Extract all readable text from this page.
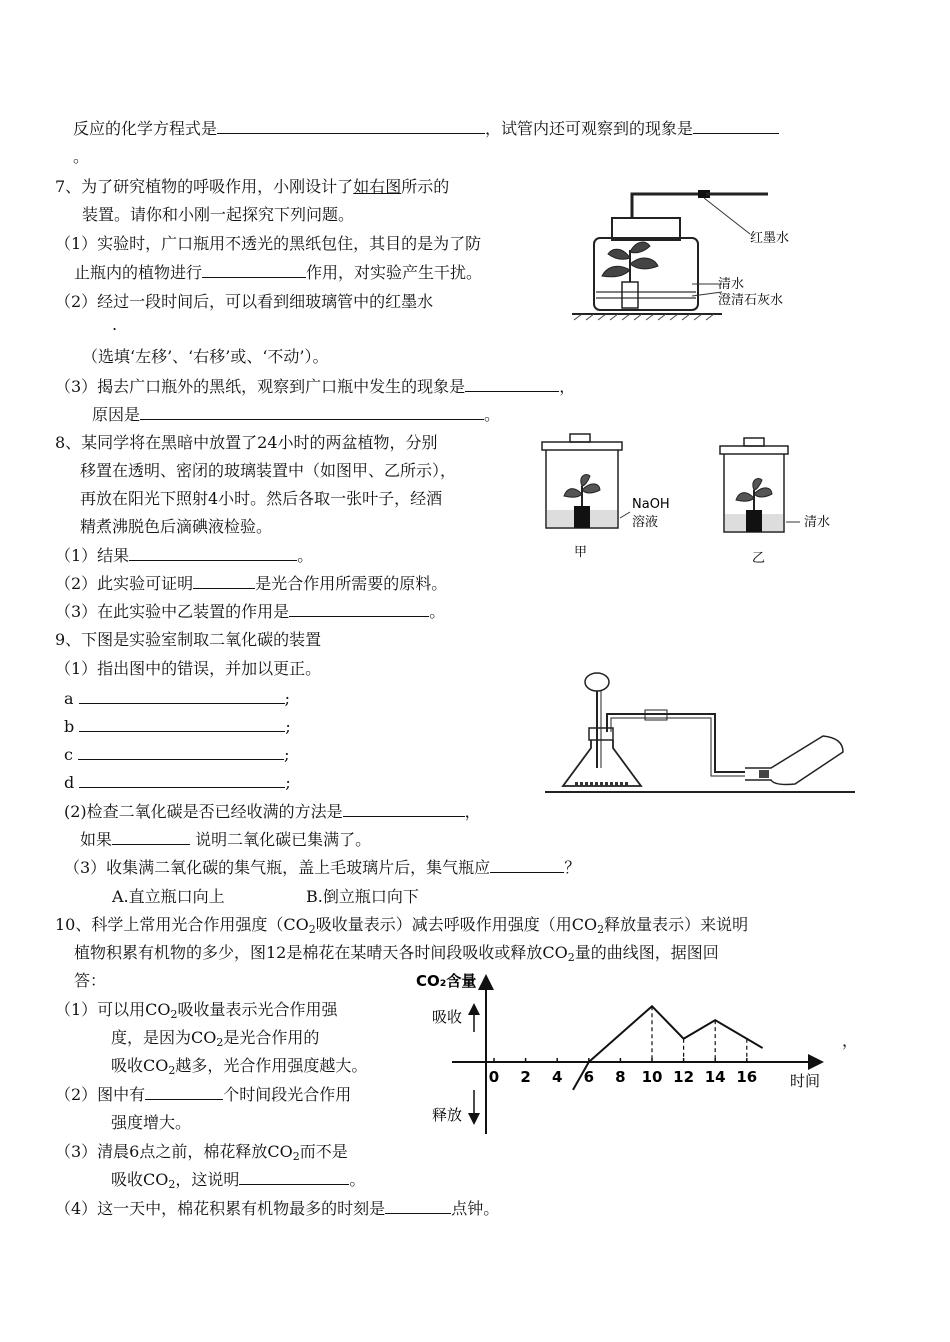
反应的化学方程式是	，试管内还可观察到的现象是
。
7、为了研究植物的呼吸作用，小刚设计了如右图所示的
装置。请你和小刚一起探究下列问题。
（1）实验时，广口瓶用不透光的黑纸包住，其目的是为了防
止瓶内的植物进行	作用，对实验产生干扰。
（2）经过一段时间后，可以看到细玻璃管中的红墨水
.
（选填‘左移’、‘右移’或、‘不动’）。
（3）揭去广口瓶外的黑纸，观察到广口瓶中发生的现象是	，
原因是	。
红墨水
清水
澄清石灰水
8、某同学将在黑暗中放置了24小时的两盆植物，分别
移置在透明、密闭的玻璃装置中（如图甲、乙所示），
再放在阳光下照射4小时。然后各取一张叶子，经酒
精煮沸脱色后滴碘液检验。
（1）结果	。
（2）此实验可证明	是光合作用所需要的原料。
（3）在此实验中乙装置的作用是	。
NaOH
溶液
甲
清水
乙
9、下图是实验室制取二氧化碳的装置
（1）指出图中的错误，并加以更正。
a	;
b	;
c	;
d	;
(2)检查二氧化碳是否已经收满的方法是	，
如果	说明二氧化碳已集满了。
（3）收集满二氧化碳的集气瓶，盖上毛玻璃片后，集气瓶应	？
A.直立瓶口向上	B.倒立瓶口向下
10、科学上常用光合作用强度（$CO_2$吸收量表示）减去呼吸作用强度（用$CO_2$释放量表示）来说明
植物积累有机物的多少，图12是棉花在某晴天各时间段吸收或释放$CO_2$量的曲线图，据图回
答：
（1）可以用$CO_2$吸收量表示光合作用强
度，是因为$CO_2$是光合作用的
吸收$CO_2$越多，光合作用强度越大。
，
（2）图中有	个时间段光合作用
强度增大。
（3）清晨6点之前，棉花释放$CO_2$而不是
吸收$CO_2$，这说明	。
（4）这一天中，棉花积累有机物最多的时刻是	点钟。
CO₂含量
吸收
释放
时间
0 2 4 6 8 10 12 14 16
